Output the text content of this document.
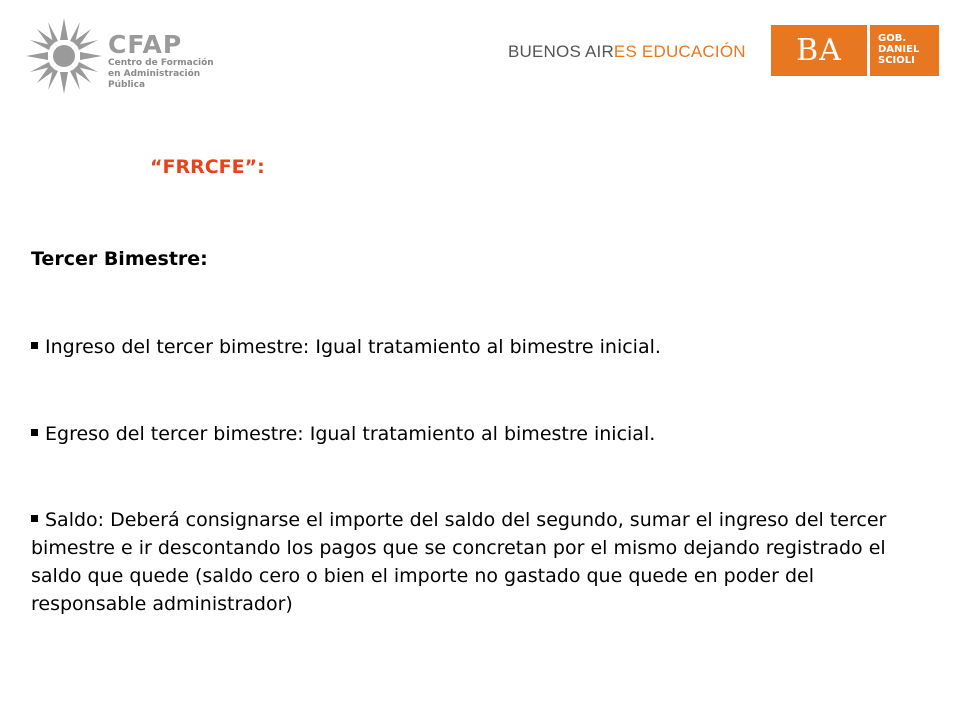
CFAP
Centro de Formación
en Administración Pública
BUENOS AIRES EDUCACIÓN BA	GOB.
DANIEL
SCIOLI
“FRRCFE”:
Tercer Bimestre:
Ingreso del tercer bimestre: Igual tratamiento al bimestre inicial.
Egreso del tercer bimestre: Igual tratamiento al bimestre inicial.
Saldo: Deberá consignarse el importe del saldo del segundo, sumar el ingreso del tercer bimestre e ir descontando los pagos que se concretan por el mismo dejando registrado el saldo que quede (saldo cero o bien el importe no gastado que quede en poder del responsable administrador)
